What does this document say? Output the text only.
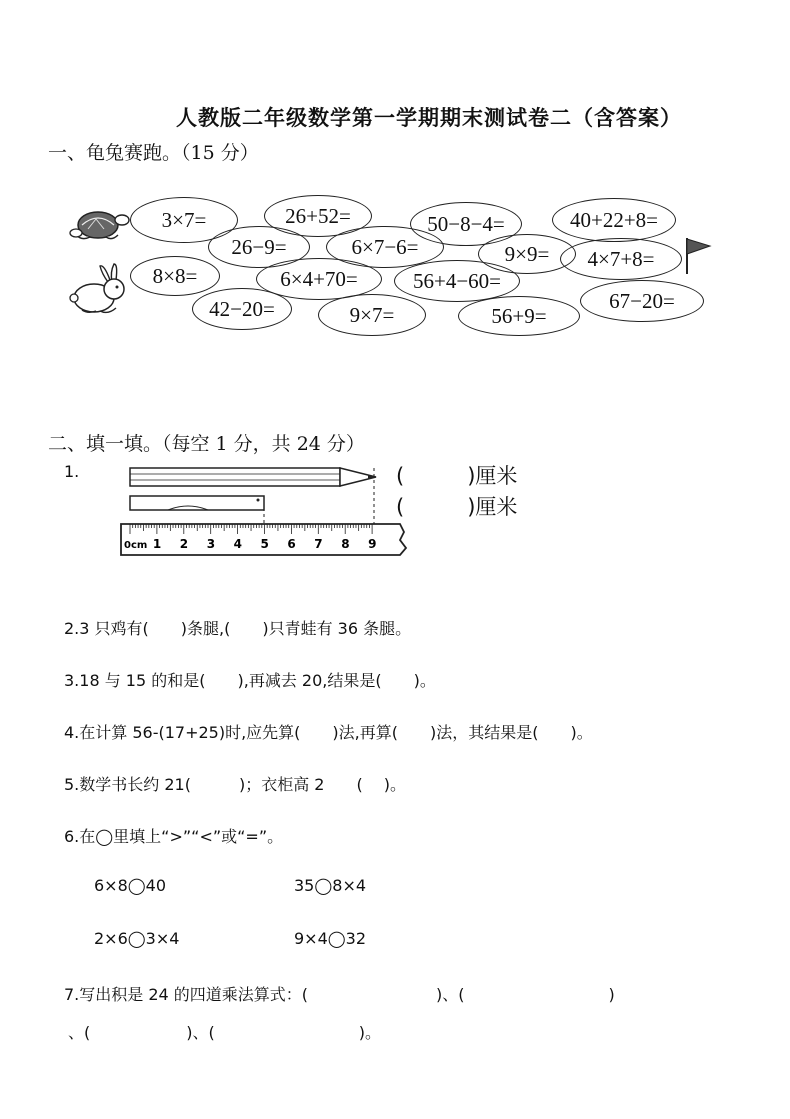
人教版二年级数学第一学期期末测试卷二（含答案）
一、龟兔赛跑。（15 分）
3×7=	26+52=	50−8−4=	40+22+8=
26−9=	6×7−6=	9×9=	4×7+8=
8×8=	6×4+70=	56+4−60=
67−20=
42−20=	9×7=	56+9=
二、填一填。（每空 1 分，共 24 分）
1.
0cm 1 2 3 4 5 6 7 8 9
(　　　)厘米
(　　　)厘米
2.3 只鸡有(　　)条腿,(　　)只青蛙有 36 条腿。
3.18 与 15 的和是(　　),再减去 20,结果是(　　)。
4.在计算 56-(17+25)时,应先算(　　)法,再算(　　)法，其结果是(　　)。
5.数学书长约 21(　　　)；衣柜高 2　　(　 )。
6.在◯里填上“>”“<”或“=”。
6×8◯40	35◯8×4
2×6◯3×4	9×4◯32
7.写出积是 24 的四道乘法算式：(　　　　　　　　)、(　　　　　　　　　)
、(　　　　　　)、(　　　　　　　　　)。
